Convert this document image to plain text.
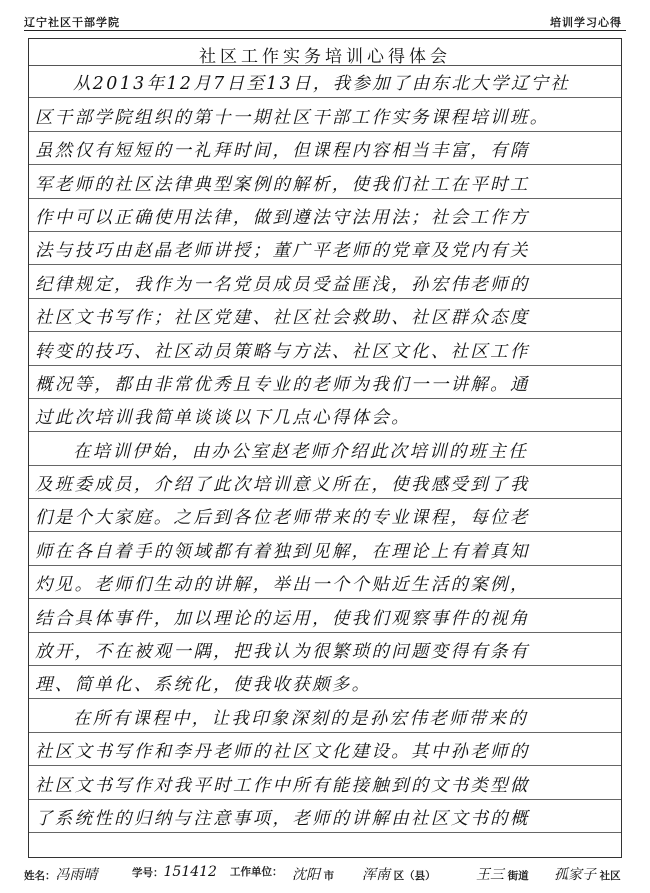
辽宁社区干部学院	培训学习心得
社区工作实务培训心得体会
从2013年12月7日至13日，我参加了由东北大学辽宁社
区干部学院组织的第十一期社区干部工作实务课程培训班。
虽然仅有短短的一礼拜时间，但课程内容相当丰富，有隋
军老师的社区法律典型案例的解析，使我们社工在平时工
作中可以正确使用法律，做到遵法守法用法；社会工作方
法与技巧由赵晶老师讲授；董广平老师的党章及党内有关
纪律规定，我作为一名党员成员受益匪浅，孙宏伟老师的
社区文书写作；社区党建、社区社会救助、社区群众态度
转变的技巧、社区动员策略与方法、社区文化、社区工作
概况等，都由非常优秀且专业的老师为我们一一讲解。通
过此次培训我简单谈谈以下几点心得体会。
在培训伊始，由办公室赵老师介绍此次培训的班主任
及班委成员，介绍了此次培训意义所在，使我感受到了我
们是个大家庭。之后到各位老师带来的专业课程，每位老
师在各自着手的领域都有着独到见解，在理论上有着真知
灼见。老师们生动的讲解，举出一个个贴近生活的案例，
结合具体事件，加以理论的运用，使我们观察事件的视角
放开，不在被观一隅，把我认为很繁琐的问题变得有条有
理、简单化、系统化，使我收获颇多。
在所有课程中，让我印象深刻的是孙宏伟老师带来的
社区文书写作和李丹老师的社区文化建设。其中孙老师的
社区文书写作对我平时工作中所有能接触到的文书类型做
了系统性的归纳与注意事项，老师的讲解由社区文书的概
姓名：冯雨晴	学号：151412 工作单位： 沈阳 市 浑南 区（县）	王三 街道 孤家子 社区
